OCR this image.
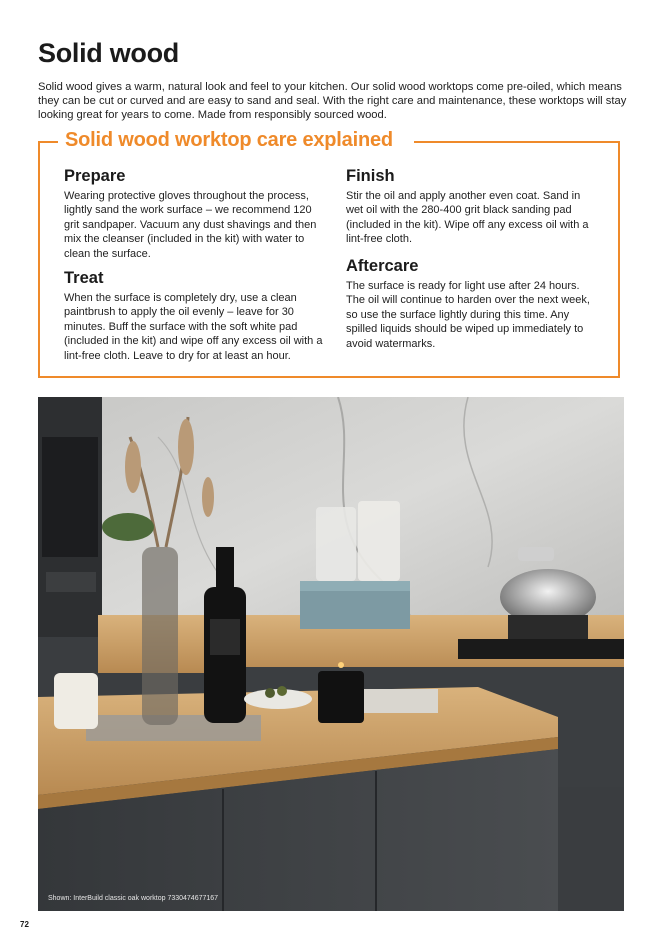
Solid wood

Solid wood gives a warm, natural look and feel to your kitchen. Our solid wood worktops come pre-oiled, which means they can be cut or curved and are easy to sand and seal. With the right care and maintenance, these worktops will stay looking great for years to come. Made from responsibly sourced wood.

Solid wood worktop care explained
Prepare

Wearing protective gloves throughout the process, lightly sand the work surface – we recommend 120 grit sandpaper. Vacuum any dust shavings and then mix the cleanser (included in the kit) with water to clean the surface.

Treat

When the surface is completely dry, use a clean paintbrush to apply the oil evenly – leave for 30 minutes. Buff the surface with the soft white pad (included in the kit) and wipe off any excess oil with a lint-free cloth. Leave to dry for at least an hour.

Finish

Stir the oil and apply another even coat. Sand in wet oil with the 280-400 grit black sanding pad (included in the kit). Wipe off any excess oil with a lint-free cloth.

Aftercare

The surface is ready for light use after 24 hours. The oil will continue to harden over the next week, so use the surface lightly during this time. Any spilled liquids should be wiped up immediately to avoid watermarks.

Shown: InterBuild classic oak worktop 7330474677167
72
